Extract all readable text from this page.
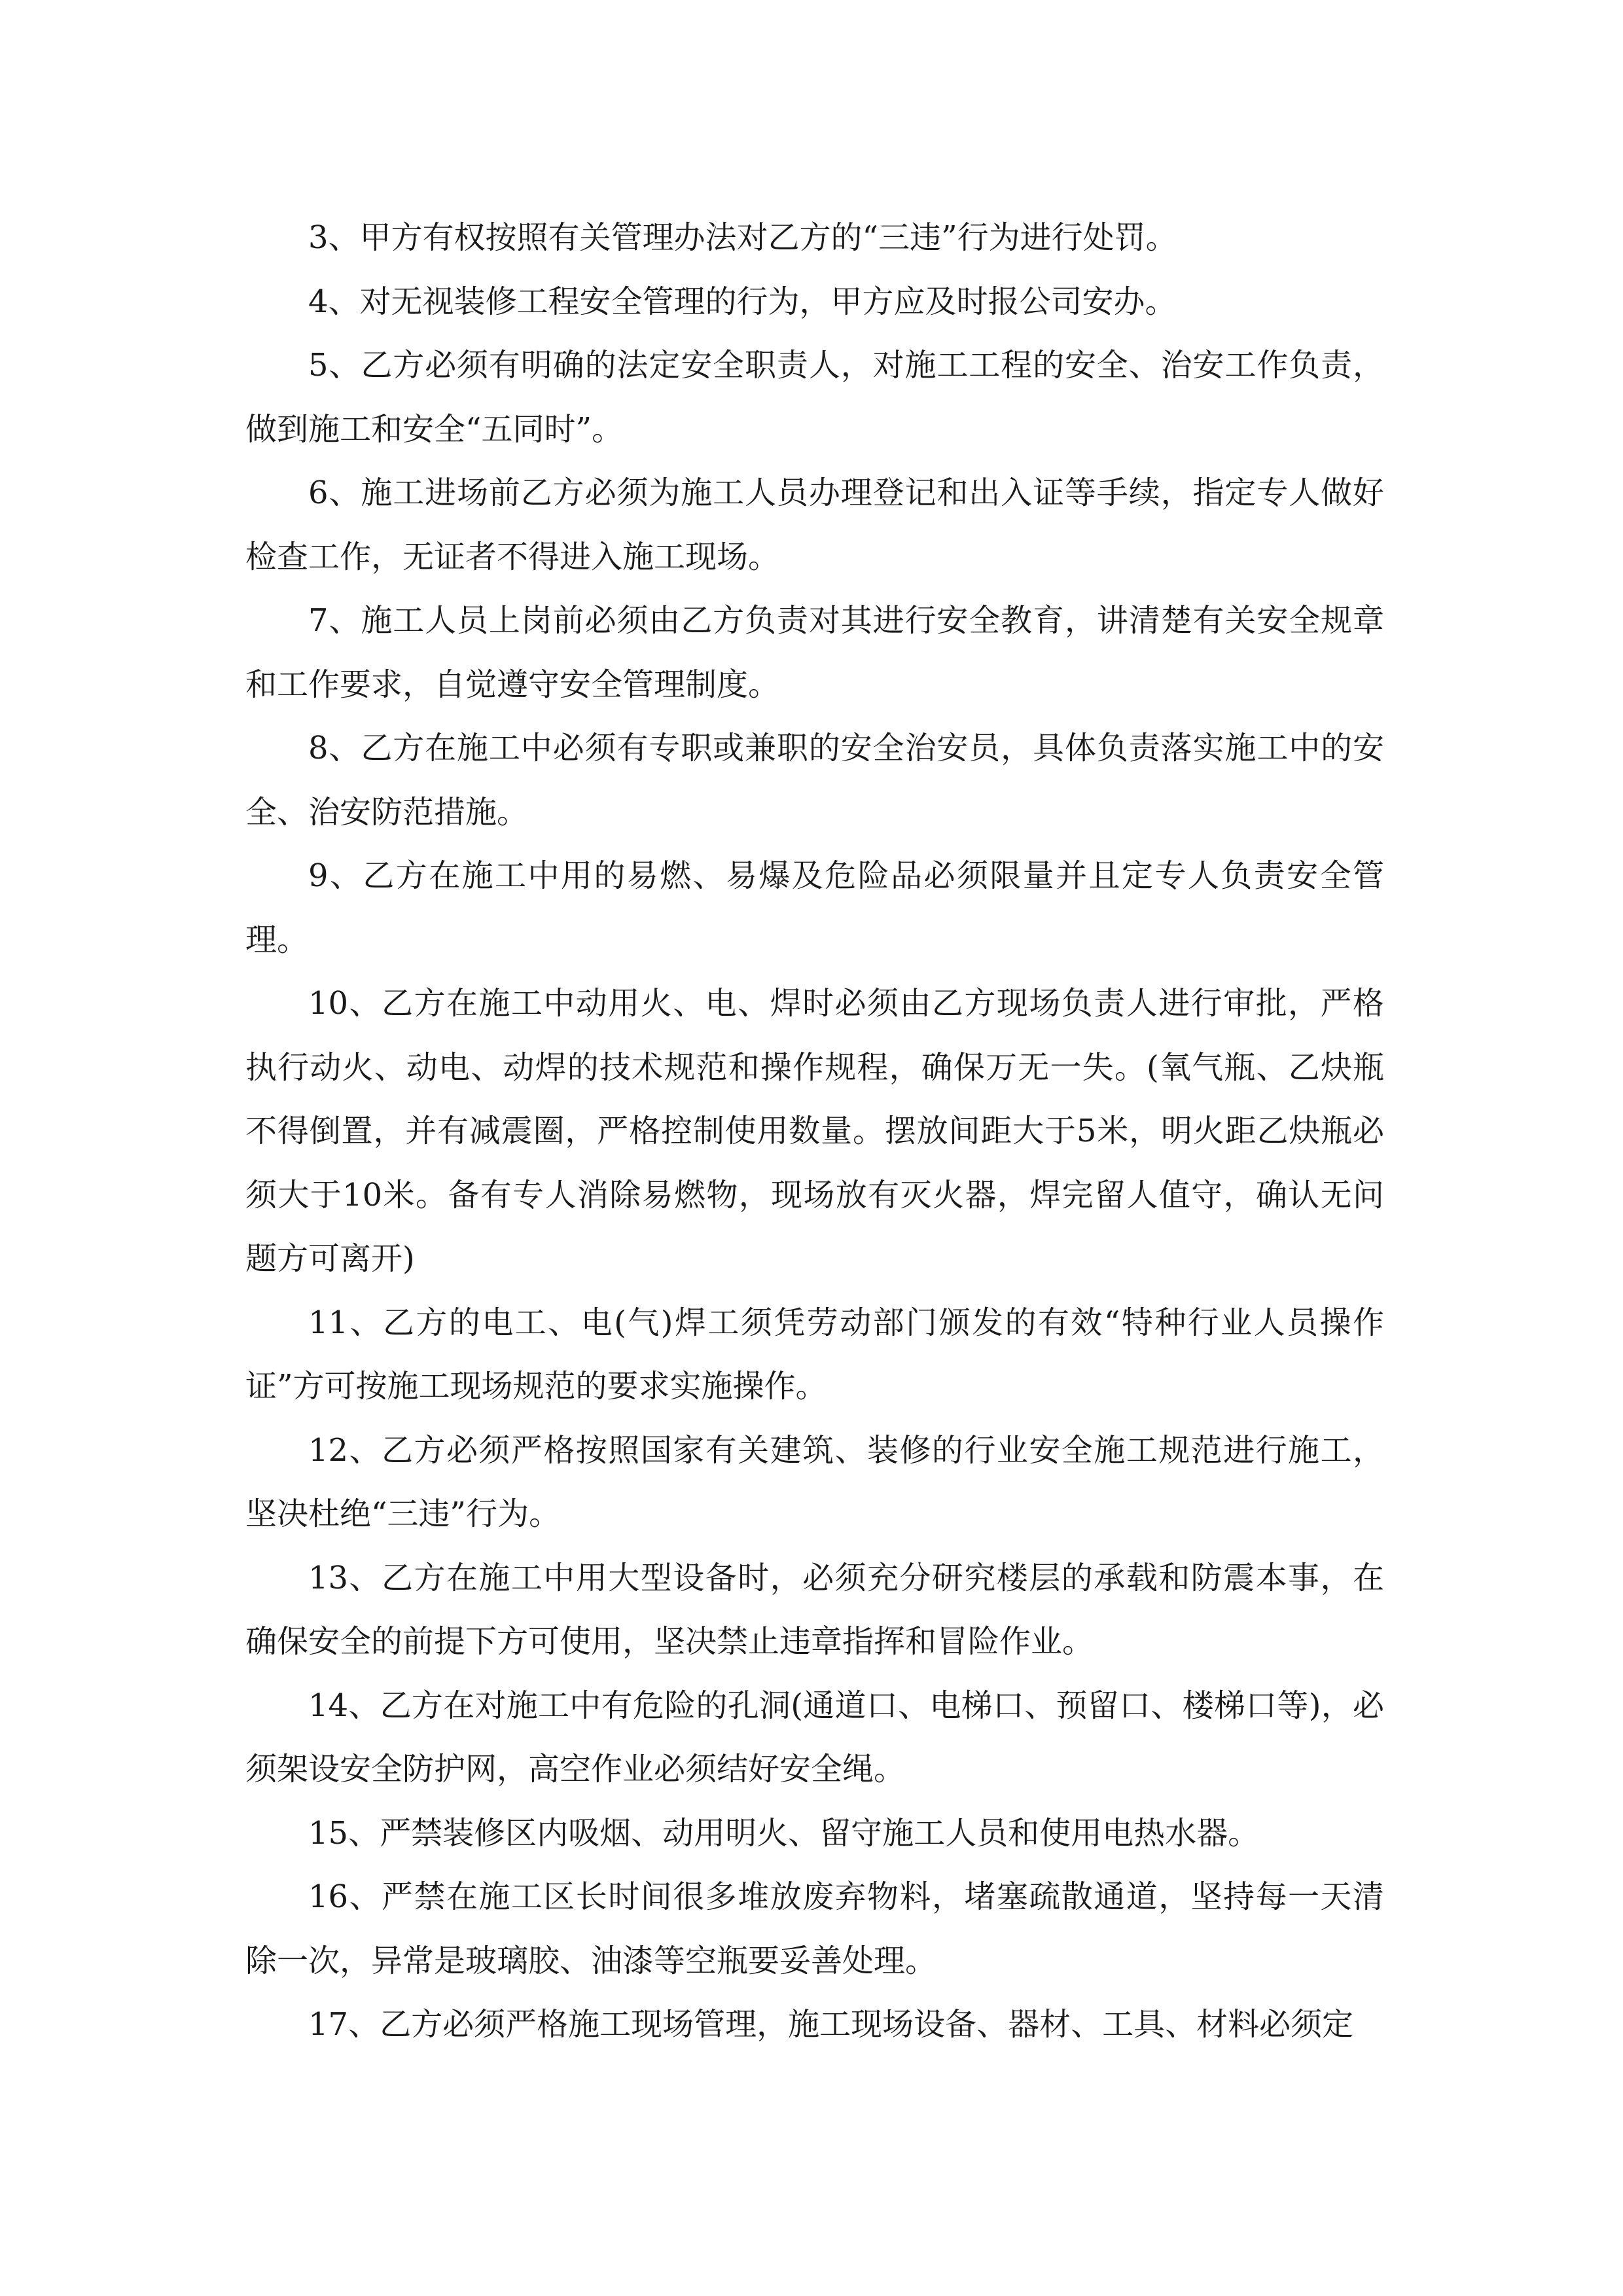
3、甲方有权按照有关管理办法对乙方的“三违”行为进行处罚。

4、对无视装修工程安全管理的行为，甲方应及时报公司安办。

5、乙方必须有明确的法定安全职责人，对施工工程的安全、治安工作负责，做到施工和安全“五同时”。

6、施工进场前乙方必须为施工人员办理登记和出入证等手续，指定专人做好检查工作，无证者不得进入施工现场。

7、施工人员上岗前必须由乙方负责对其进行安全教育，讲清楚有关安全规章和工作要求，自觉遵守安全管理制度。

8、乙方在施工中必须有专职或兼职的安全治安员，具体负责落实施工中的安全、治安防范措施。

9、乙方在施工中用的易燃、易爆及危险品必须限量并且定专人负责安全管理。

10、乙方在施工中动用火、电、焊时必须由乙方现场负责人进行审批，严格执行动火、动电、动焊的技术规范和操作规程，确保万无一失。(氧气瓶、乙炔瓶不得倒置，并有减震圈，严格控制使用数量。摆放间距大于5米，明火距乙炔瓶必须大于10米。备有专人消除易燃物，现场放有灭火器，焊完留人值守，确认无问题方可离开)

11、乙方的电工、电(气)焊工须凭劳动部门颁发的有效“特种行业人员操作证”方可按施工现场规范的要求实施操作。

12、乙方必须严格按照国家有关建筑、装修的行业安全施工规范进行施工，坚决杜绝“三违”行为。

13、乙方在施工中用大型设备时，必须充分研究楼层的承载和防震本事，在确保安全的前提下方可使用，坚决禁止违章指挥和冒险作业。

14、乙方在对施工中有危险的孔洞(通道口、电梯口、预留口、楼梯口等)，必须架设安全防护网，高空作业必须结好安全绳。

15、严禁装修区内吸烟、动用明火、留守施工人员和使用电热水器。

16、严禁在施工区长时间很多堆放废弃物料，堵塞疏散通道，坚持每一天清除一次，异常是玻璃胶、油漆等空瓶要妥善处理。

17、乙方必须严格施工现场管理，施工现场设备、器材、工具、材料必须定
